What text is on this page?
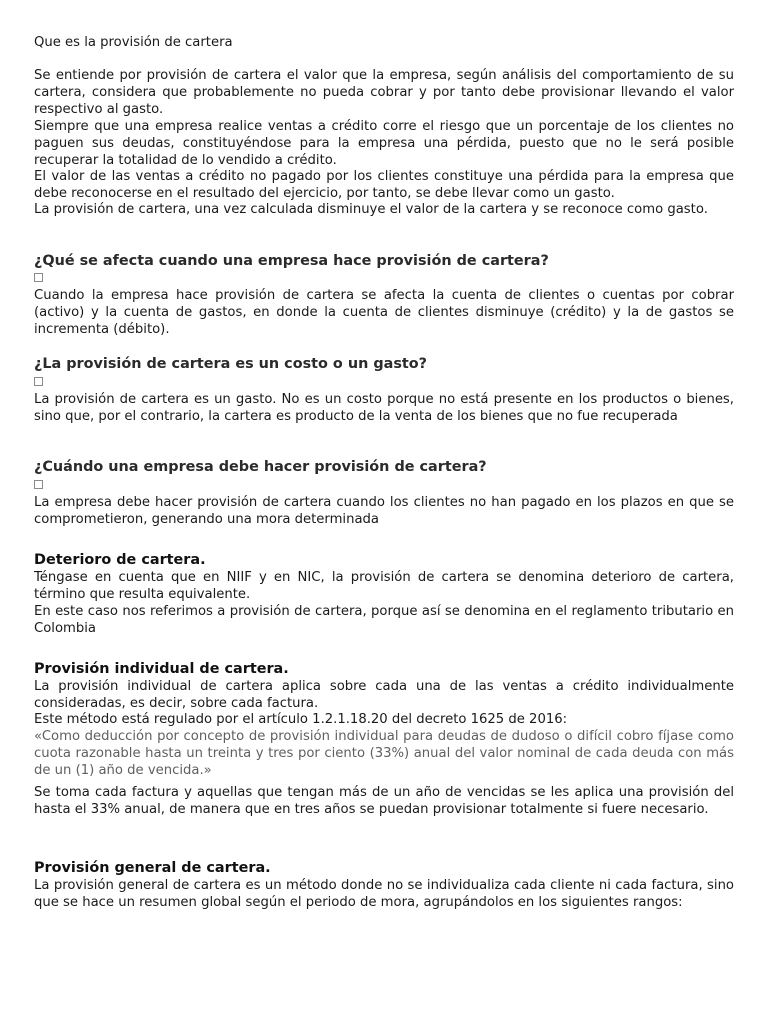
Que es la provisión de cartera

Se entiende por provisión de cartera el valor que la empresa, según análisis del comportamiento de su cartera, considera que probablemente no pueda cobrar y por tanto debe provisionar llevando el valor respectivo al gasto.

Siempre que una empresa realice ventas a crédito corre el riesgo que un porcentaje de los clientes no paguen sus deudas, constituyéndose para la empresa una pérdida, puesto que no le será posible recuperar la totalidad de lo vendido a crédito.

El valor de las ventas a crédito no pagado por los clientes constituye una pérdida para la empresa que debe reconocerse en el resultado del ejercicio, por tanto, se debe llevar como un gasto.

La provisión de cartera, una vez calculada disminuye el valor de la cartera y se reconoce como gasto.

¿Qué se afecta cuando una empresa hace provisión de cartera?

Cuando la empresa hace provisión de cartera se afecta la cuenta de clientes o cuentas por cobrar (activo) y la cuenta de gastos, en donde la cuenta de clientes disminuye (crédito) y la de gastos se incrementa (débito).

¿La provisión de cartera es un costo o un gasto?

La provisión de cartera es un gasto. No es un costo porque no está presente en los productos o bienes, sino que, por el contrario, la cartera es producto de la venta de los bienes que no fue recuperada

¿Cuándo una empresa debe hacer provisión de cartera?

La empresa debe hacer provisión de cartera cuando los clientes no han pagado en los plazos en que se comprometieron, generando una mora determinada

Deterioro de cartera.

Téngase en cuenta que en NIIF y en NIC, la provisión de cartera se denomina deterioro de cartera, término que resulta equivalente.

En este caso nos referimos a provisión de cartera, porque así se denomina en el reglamento tributario en Colombia

Provisión individual de cartera.

La provisión individual de cartera aplica sobre cada una de las ventas a crédito individualmente consideradas, es decir, sobre cada factura.

Este método está regulado por el artículo 1.2.1.18.20 del decreto 1625 de 2016:

«Como deducción por concepto de provisión individual para deudas de dudoso o difícil cobro fíjase como cuota razonable hasta un treinta y tres por ciento (33%) anual del valor nominal de cada deuda con más de un (1) año de vencida.»

Se toma cada factura y aquellas que tengan más de un año de vencidas se les aplica una provisión del hasta el 33% anual, de manera que en tres años se puedan provisionar totalmente si fuere necesario.

Provisión general de cartera.

La provisión general de cartera es un método donde no se individualiza cada cliente ni cada factura, sino que se hace un resumen global según el periodo de mora, agrupándolos en los siguientes rangos:
